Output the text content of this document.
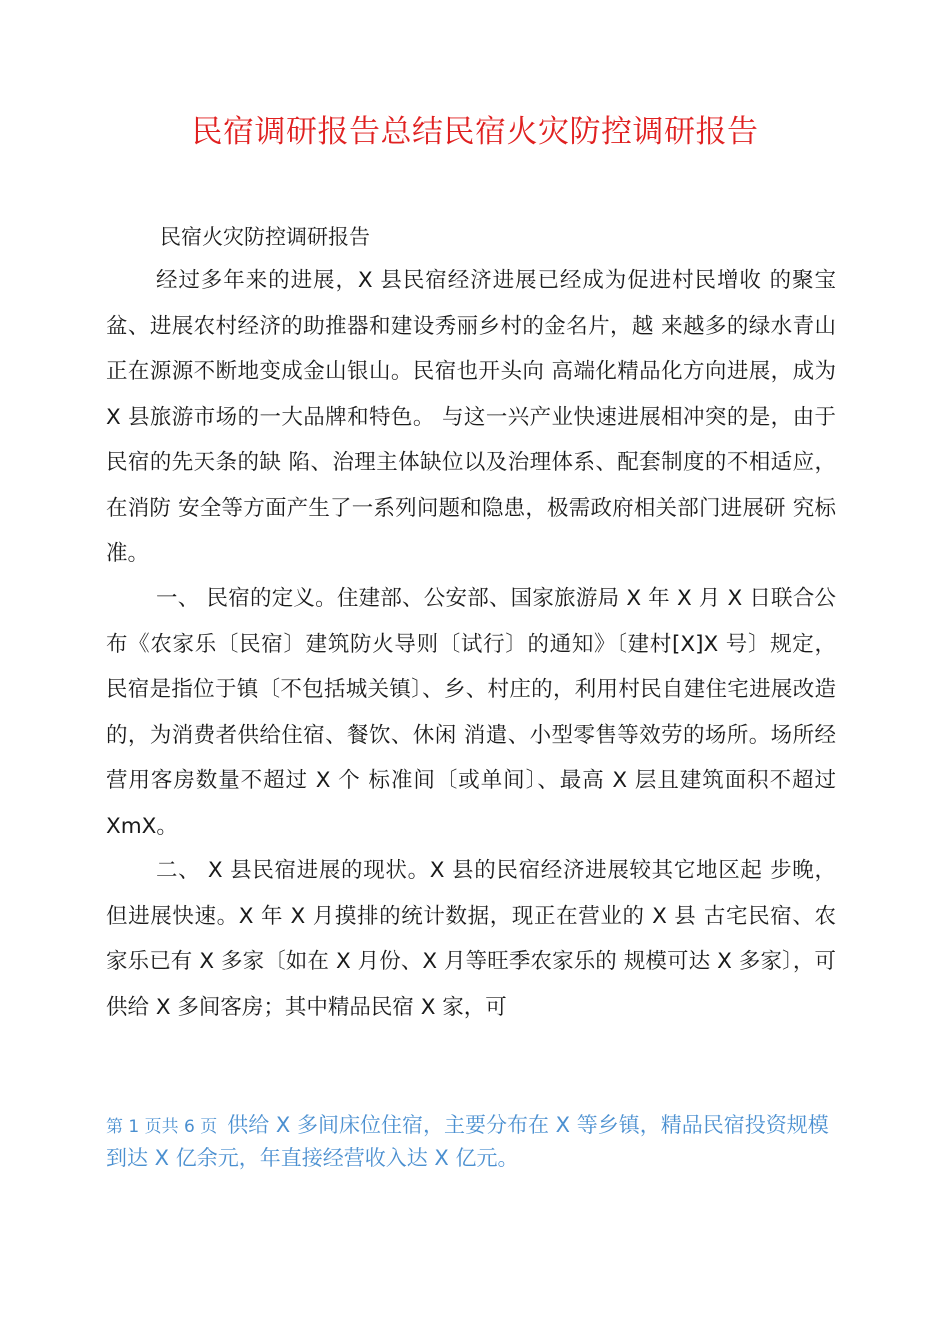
民宿调研报告总结民宿火灾防控调研报告
民宿火灾防控调研报告

经过多年来的进展，X 县民宿经济进展已经成为促进村民增收 的聚宝盆、进展农村经济的助推器和建设秀丽乡村的金名片，越 来越多的绿水青山正在源源不断地变成金山银山。民宿也开头向 高端化精品化方向进展，成为 X 县旅游市场的一大品牌和特色。 与这一兴产业快速进展相冲突的是，由于民宿的先天条的缺 陷、治理主体缺位以及治理体系、配套制度的不相适应，在消防 安全等方面产生了一系列问题和隐患，极需政府相关部门进展研 究标准。

一、 民宿的定义。住建部、公安部、国家旅游局 X 年 X 月 X 日联合公布《农家乐〔民宿〕建筑防火导则〔试行〕的通知》〔建村[X]X 号〕规定，民宿是指位于镇〔不包括城关镇〕、乡、村庄的，利用村民自建住宅进展改造的，为消费者供给住宿、餐饮、休闲 消遣、小型零售等效劳的场所。场所经营用客房数量不超过 X 个 标准间〔或单间〕、最高 X 层且建筑面积不超过 XmX。

二、 X 县民宿进展的现状。X 县的民宿经济进展较其它地区起 步晚，但进展快速。X 年 X 月摸排的统计数据，现正在营业的 X 县 古宅民宿、农家乐已有 X 多家〔如在 X 月份、X 月等旺季农家乐的 规模可达 X 多家〕，可供给 X 多间客房；其中精品民宿 X 家，可

第 1 页共 6 页 供给 X 多间床位住宿，主要分布在 X 等乡镇，精品民宿投资规模 到达 X 亿余元，年直接经营收入达 X 亿元。
